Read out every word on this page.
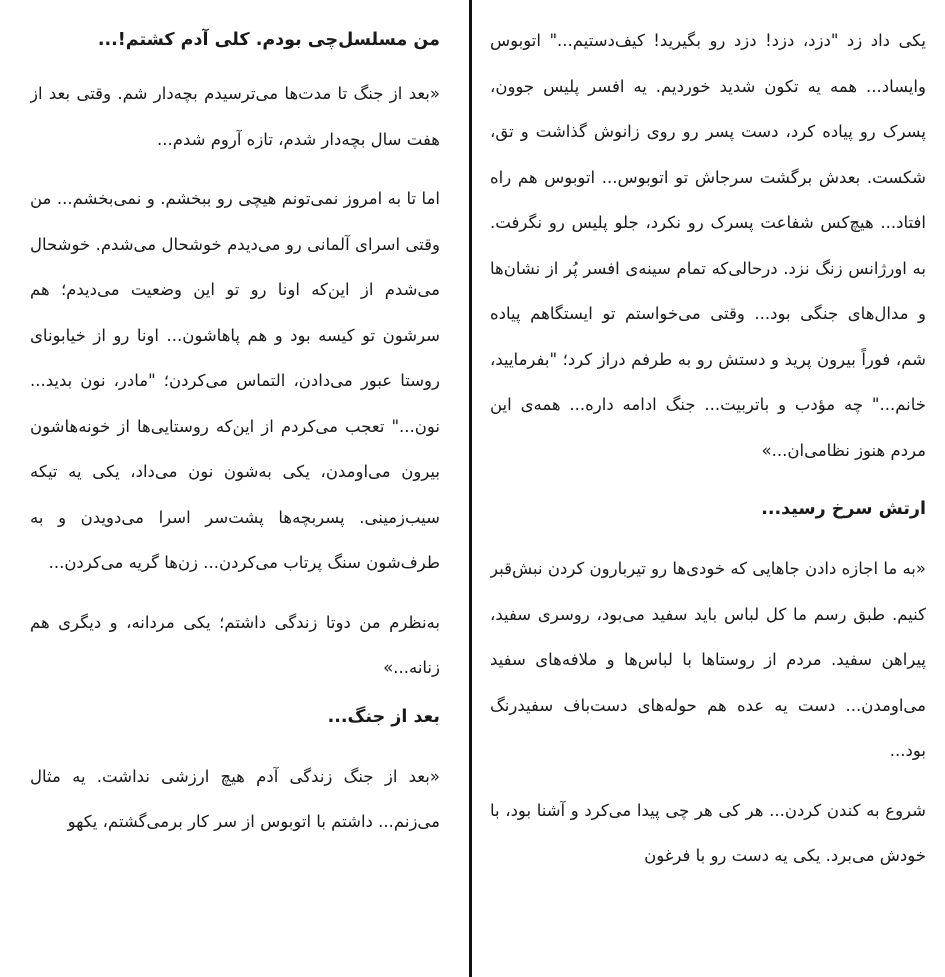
یکی داد زد "دزد، دزد! دزد رو بگیرید! کیف‌دستیم..." اتوبوس وایساد... همه یه تکون شدید خوردیم. یه افسر پلیس جوون، پسرک رو پیاده کرد، دست پسر رو روی زانوش گذاشت و تق، شکست. بعدش برگشت سرجاش تو اتوبوس... اتوبوس هم راه افتاد... هیچ‌کس شفاعت پسرک رو نکرد، جلو پلیس رو نگرفت. به اورژانس زنگ نزد. درحالی‌که تمام سینه‌ی افسر پُر از نشان‌ها و مدال‌های جنگی بود... وقتی می‌خواستم تو ایستگاهم پیاده شم، فوراً بیرون پرید و دستش رو به طرفم دراز کرد؛ "بفرمایید، خانم..." چه مؤدب و باتربیت... جنگ ادامه داره... همه‌ی این مردم هنوز نظامی‌ان...»

ارتش سرخ رسید...

«به ما اجازه دادن جاهایی که خودی‌ها رو تیربارون کردن نبش‌قبر کنیم. طبق رسم ما کل لباس باید سفید می‌بود، روسری سفید، پیراهن سفید. مردم از روستاها با لباس‌ها و ملافه‌های سفید می‌اومدن... دست یه عده هم حوله‌های دست‌باف سفیدرنگ بود...

شروع به کندن کردن... هر کی هر چی پیدا می‌کرد و آشنا بود، با خودش می‌برد. یکی یه دست رو با فرغون

من مسلسل‌چی بودم. کلی آدم کشتم!...

«بعد از جنگ تا مدت‌ها می‌ترسیدم بچه‌دار شم. وقتی بعد از هفت سال بچه‌دار شدم، تازه آروم شدم...

اما تا به امروز نمی‌تونم هیچی رو ببخشم. و نمی‌بخشم... من وقتی اسرای آلمانی رو می‌دیدم خوشحال می‌شدم. خوشحال می‌شدم از این‌که اونا رو تو این وضعیت می‌دیدم؛ هم سرشون تو کیسه بود و هم پاهاشون... اونا رو از خیابونای روستا عبور می‌دادن، التماس می‌کردن؛ "مادر، نون بدید... نون..." تعجب می‌کردم از این‌که روستایی‌ها از خونه‌هاشون بیرون می‌اومدن، یکی به‌شون نون می‌داد، یکی یه تیکه سیب‌زمینی. پسربچه‌ها پشت‌سر اسرا می‌دویدن و به طرف‌شون سنگ پرتاب می‌کردن... زن‌ها گریه می‌کردن...

به‌نظرم من دوتا زندگی داشتم؛ یکی مردانه، و دیگری هم زنانه...»

بعد از جنگ...

«بعد از جنگ زندگی آدم هیچ ارزشی نداشت. یه مثال می‌زنم... داشتم با اتوبوس از سر کار برمی‌گشتم، یکهو
